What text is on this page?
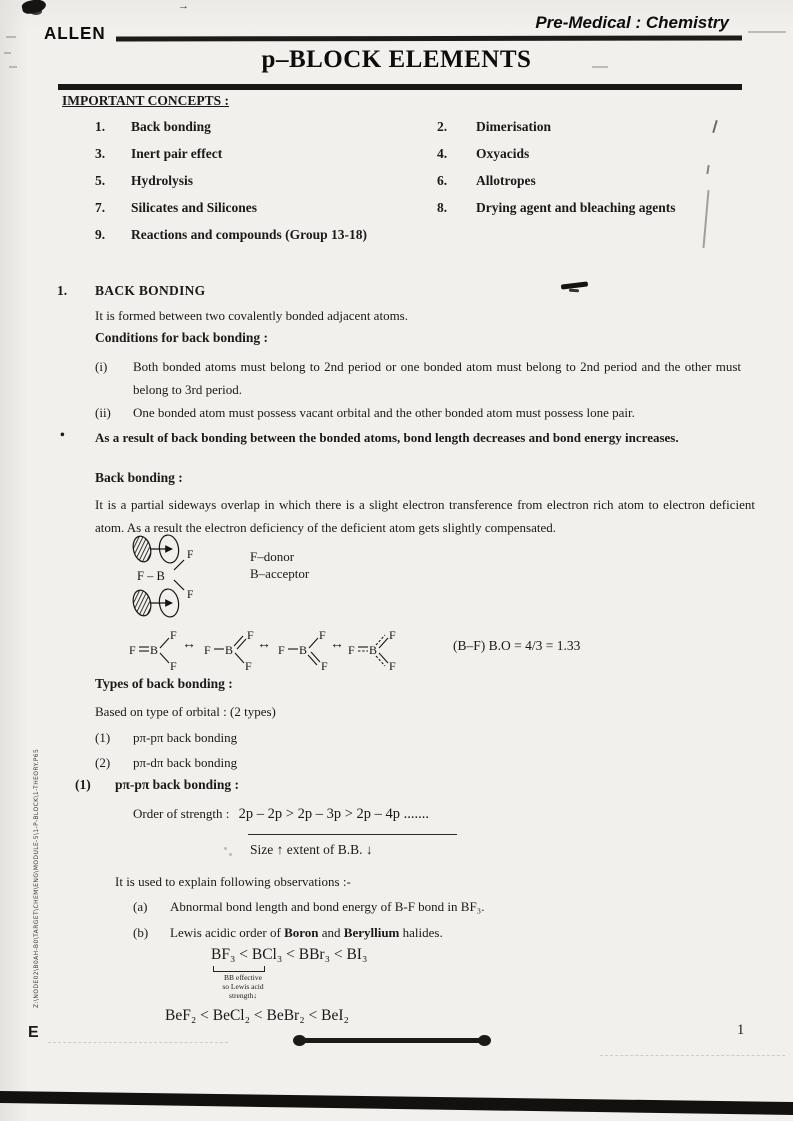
→
ALLEN
Pre-Medical : Chemistry
p–BLOCK ELEMENTS
IMPORTANT CONCEPTS :
1. Back bonding
3. Inert pair effect
5. Hydrolysis
7. Silicates and Silicones
9. Reactions and compounds (Group 13-18)
2. Dimerisation
4. Oxyacids
6. Allotropes
8. Drying agent and bleaching agents
1. BACK BONDING
It is formed between two covalently bonded adjacent atoms.
Conditions for back bonding :
(i) Both bonded atoms must belong to 2nd period or one bonded atom must belong to 2nd period and the other must belong to 3rd period.
(ii) One bonded atom must possess vacant orbital and the other bonded atom must possess lone pair.
• As a result of back bonding between the bonded atoms, bond length decreases and bond energy increases.
Back bonding :
It is a partial sideways overlap in which there is a slight electron transference from electron rich atom to electron deficient atom. As a result the electron deficiency of the deficient atom gets slightly compensated.
F – B
F
F
F–donor
B–acceptor
F B
F
F
↔ F B
F
F
↔ F B
F
F
↔ F B
F
F
(B–F) B.O = 4/3 = 1.33
Types of back bonding :
Based on type of orbital : (2 types)
(1) pπ-pπ back bonding
(2) pπ-dπ back bonding
(1) pπ-pπ back bonding :
Order of strength : 2p – 2p > 2p – 3p > 2p – 4p .......
Size ↑ extent of B.B. ↓
It is used to explain following observations :-
(a) Abnormal bond length and bond energy of B-F bond in BF₃.
(b) Lewis acidic order of Boron and Beryllium halides.
BF₃ < BCl₃ < BBr₃ < BI₃
BB effective
so Lewis acid
strength↓
BeF₂ < BeCl₂ < BeBr₂ < BeI₂
E	1
Z:\NODE02\B0AH-B0\TARGET\CHEM\ENG\MODULE-5\1-P-BLOCK\1-THEORY.P65
